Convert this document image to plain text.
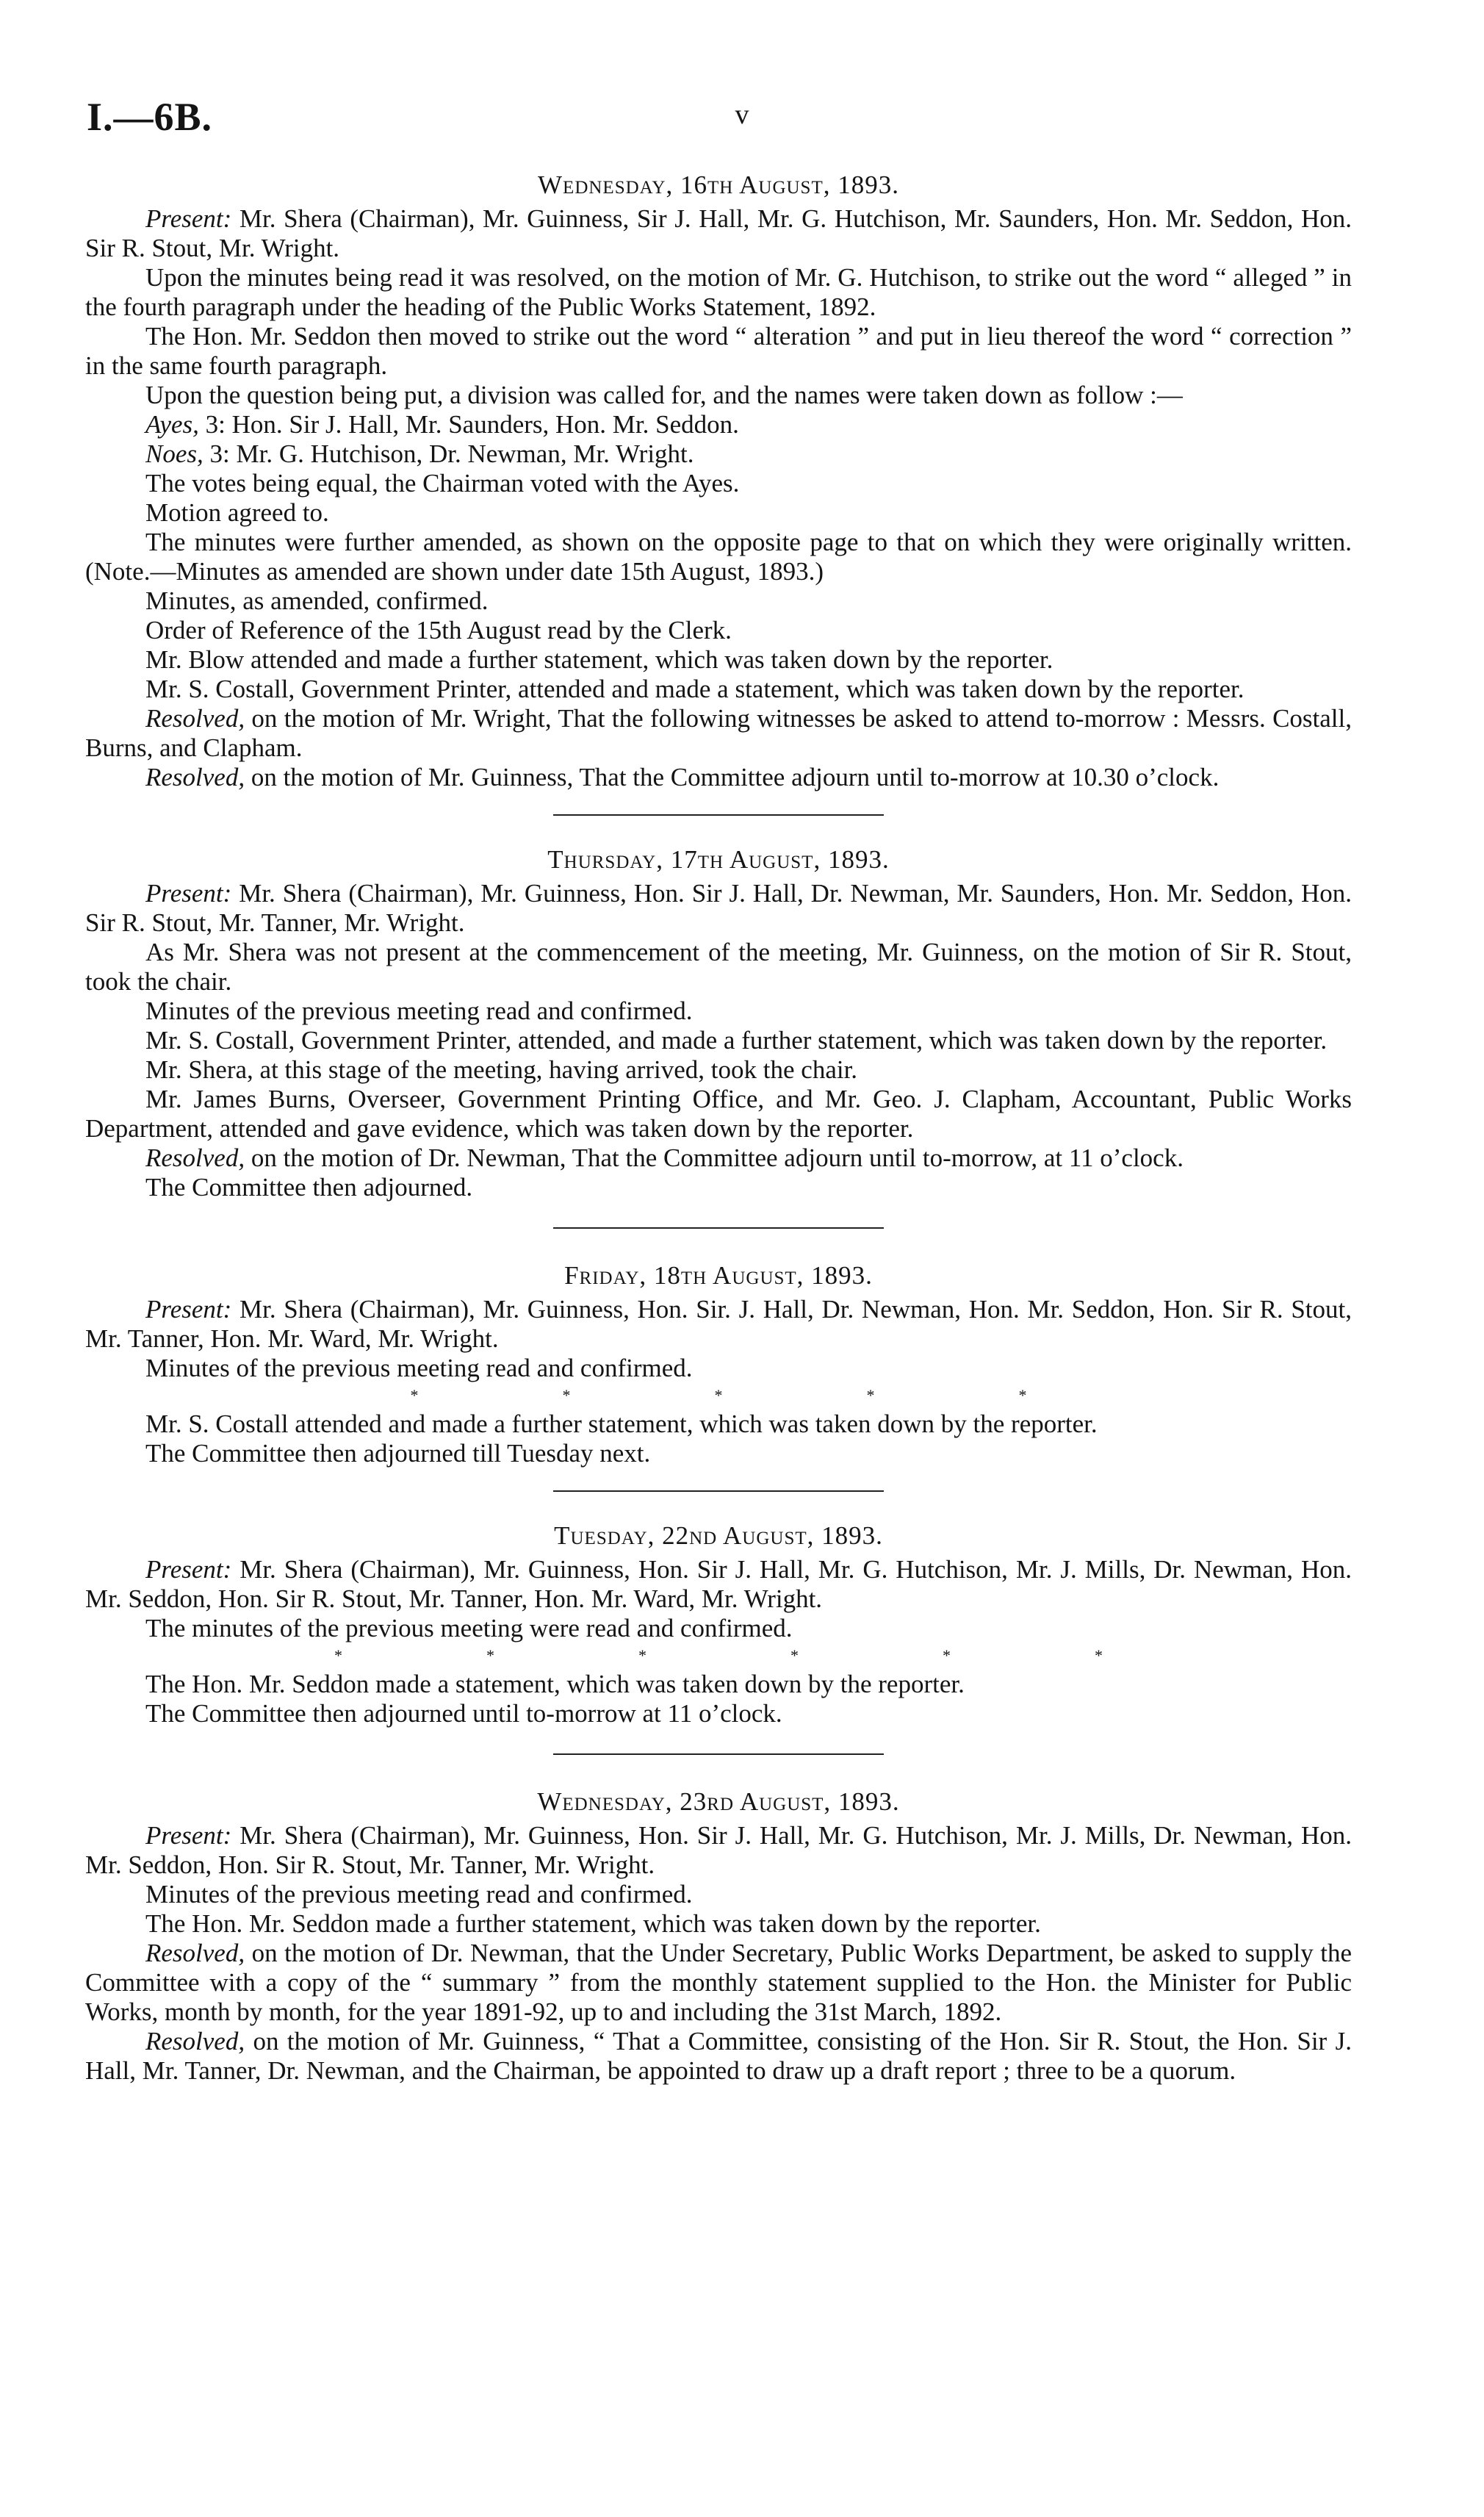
I.—6B.	v
Wednesday, 16th August, 1893.

Present: Mr. Shera (Chairman), Mr. Guinness, Sir J. Hall, Mr. G. Hutchison, Mr. Saunders, Hon. Mr. Seddon, Hon. Sir R. Stout, Mr. Wright.

Upon the minutes being read it was resolved, on the motion of Mr. G. Hutchison, to strike out the word “ alleged ” in the fourth paragraph under the heading of the Public Works Statement, 1892.

The Hon. Mr. Seddon then moved to strike out the word “ alteration ” and put in lieu thereof the word “ correction ” in the same fourth paragraph.

Upon the question being put, a division was called for, and the names were taken down as follow :—

Ayes, 3: Hon. Sir J. Hall, Mr. Saunders, Hon. Mr. Seddon.

Noes, 3: Mr. G. Hutchison, Dr. Newman, Mr. Wright.

The votes being equal, the Chairman voted with the Ayes.

Motion agreed to.

The minutes were further amended, as shown on the opposite page to that on which they were originally written. (Note.—Minutes as amended are shown under date 15th August, 1893.)

Minutes, as amended, confirmed.

Order of Reference of the 15th August read by the Clerk.

Mr. Blow attended and made a further statement, which was taken down by the reporter.

Mr. S. Costall, Government Printer, attended and made a statement, which was taken down by the reporter.

Resolved, on the motion of Mr. Wright, That the following witnesses be asked to attend to-morrow : Messrs. Costall, Burns, and Clapham.

Resolved, on the motion of Mr. Guinness, That the Committee adjourn until to-morrow at 10.30 o’clock.

Thursday, 17th August, 1893.

Present: Mr. Shera (Chairman), Mr. Guinness, Hon. Sir J. Hall, Dr. Newman, Mr. Saunders, Hon. Mr. Seddon, Hon. Sir R. Stout, Mr. Tanner, Mr. Wright.

As Mr. Shera was not present at the commencement of the meeting, Mr. Guinness, on the motion of Sir R. Stout, took the chair.

Minutes of the previous meeting read and confirmed.

Mr. S. Costall, Government Printer, attended, and made a further statement, which was taken down by the reporter.

Mr. Shera, at this stage of the meeting, having arrived, took the chair.

Mr. James Burns, Overseer, Government Printing Office, and Mr. Geo. J. Clapham, Accountant, Public Works Department, attended and gave evidence, which was taken down by the reporter.

Resolved, on the motion of Dr. Newman, That the Committee adjourn until to-morrow, at 11 o’clock.

The Committee then adjourned.

Friday, 18th August, 1893.

Present: Mr. Shera (Chairman), Mr. Guinness, Hon. Sir. J. Hall, Dr. Newman, Hon. Mr. Seddon, Hon. Sir R. Stout, Mr. Tanner, Hon. Mr. Ward, Mr. Wright.

Minutes of the previous meeting read and confirmed.

*	*	*	*	*

Mr. S. Costall attended and made a further statement, which was taken down by the reporter.

The Committee then adjourned till Tuesday next.

Tuesday, 22nd August, 1893.

Present: Mr. Shera (Chairman), Mr. Guinness, Hon. Sir J. Hall, Mr. G. Hutchison, Mr. J. Mills, Dr. Newman, Hon. Mr. Seddon, Hon. Sir R. Stout, Mr. Tanner, Hon. Mr. Ward, Mr. Wright.

The minutes of the previous meeting were read and confirmed.

*	*	*	*	*	*

The Hon. Mr. Seddon made a statement, which was taken down by the reporter.

The Committee then adjourned until to-morrow at 11 o’clock.

Wednesday, 23rd August, 1893.

Present: Mr. Shera (Chairman), Mr. Guinness, Hon. Sir J. Hall, Mr. G. Hutchison, Mr. J. Mills, Dr. Newman, Hon. Mr. Seddon, Hon. Sir R. Stout, Mr. Tanner, Mr. Wright.

Minutes of the previous meeting read and confirmed.

The Hon. Mr. Seddon made a further statement, which was taken down by the reporter.

Resolved, on the motion of Dr. Newman, that the Under Secretary, Public Works Department, be asked to supply the Committee with a copy of the “ summary ” from the monthly statement supplied to the Hon. the Minister for Public Works, month by month, for the year 1891-92, up to and including the 31st March, 1892.

Resolved, on the motion of Mr. Guinness, “ That a Committee, consisting of the Hon. Sir R. Stout, the Hon. Sir J. Hall, Mr. Tanner, Dr. Newman, and the Chairman, be appointed to draw up a draft report ; three to be a quorum.
